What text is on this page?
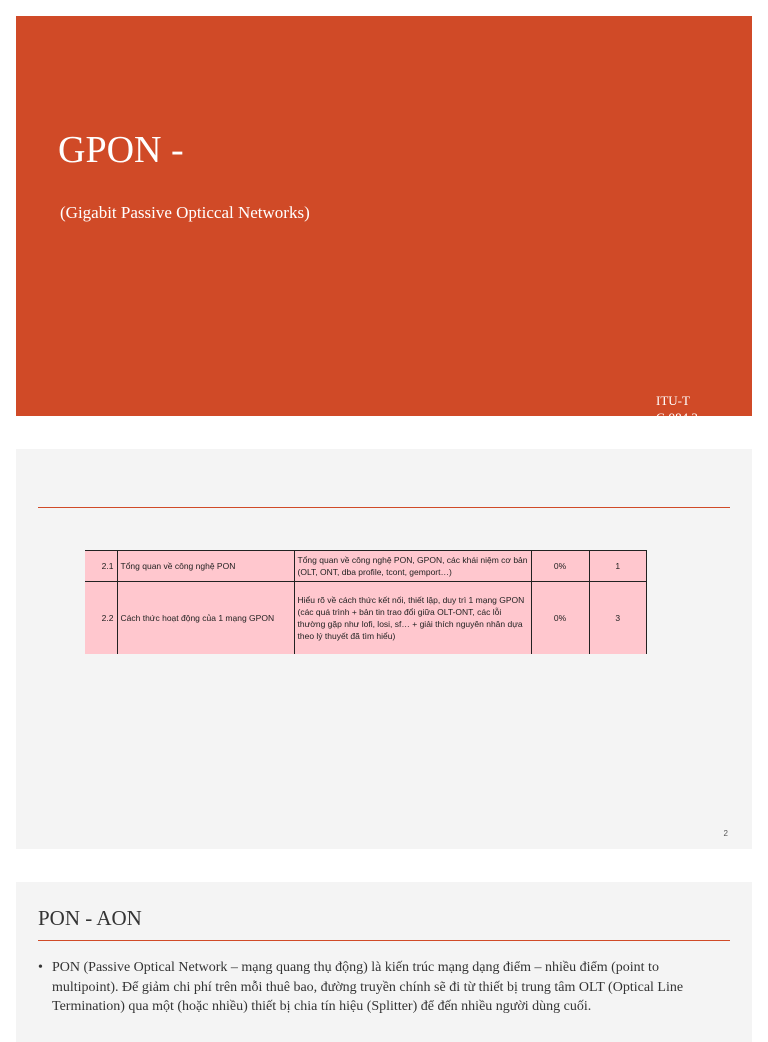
GPON -
(Gigabit Passive Opticcal Networks)
ITU-T G.984.3
2.1	Tổng quan về công nghệ PON	Tổng quan về công nghệ PON, GPON, các khái niệm cơ bản (OLT, ONT, dba profile, tcont, gemport…)	0%	1
2.2	Cách thức hoạt động của 1 mạng GPON	Hiểu rõ về cách thức kết nối, thiết lập, duy trì 1 mạng GPON (các quá trình + bản tin trao đổi giữa OLT-ONT, các lỗi thường gặp như lofi, losi, sf… + giải thích nguyên nhân dựa theo lý thuyết đã tìm hiểu)	0%	3
2
PON - AON
• PON (Passive Optical Network – mạng quang thụ động) là kiến trúc mạng dạng điểm – nhiều điểm (point to multipoint). Để giảm chi phí trên mỗi thuê bao, đường truyền chính sẽ đi từ thiết bị trung tâm OLT (Optical Line Termination) qua một (hoặc nhiều) thiết bị chia tín hiệu (Splitter) để đến nhiều người dùng cuối.
